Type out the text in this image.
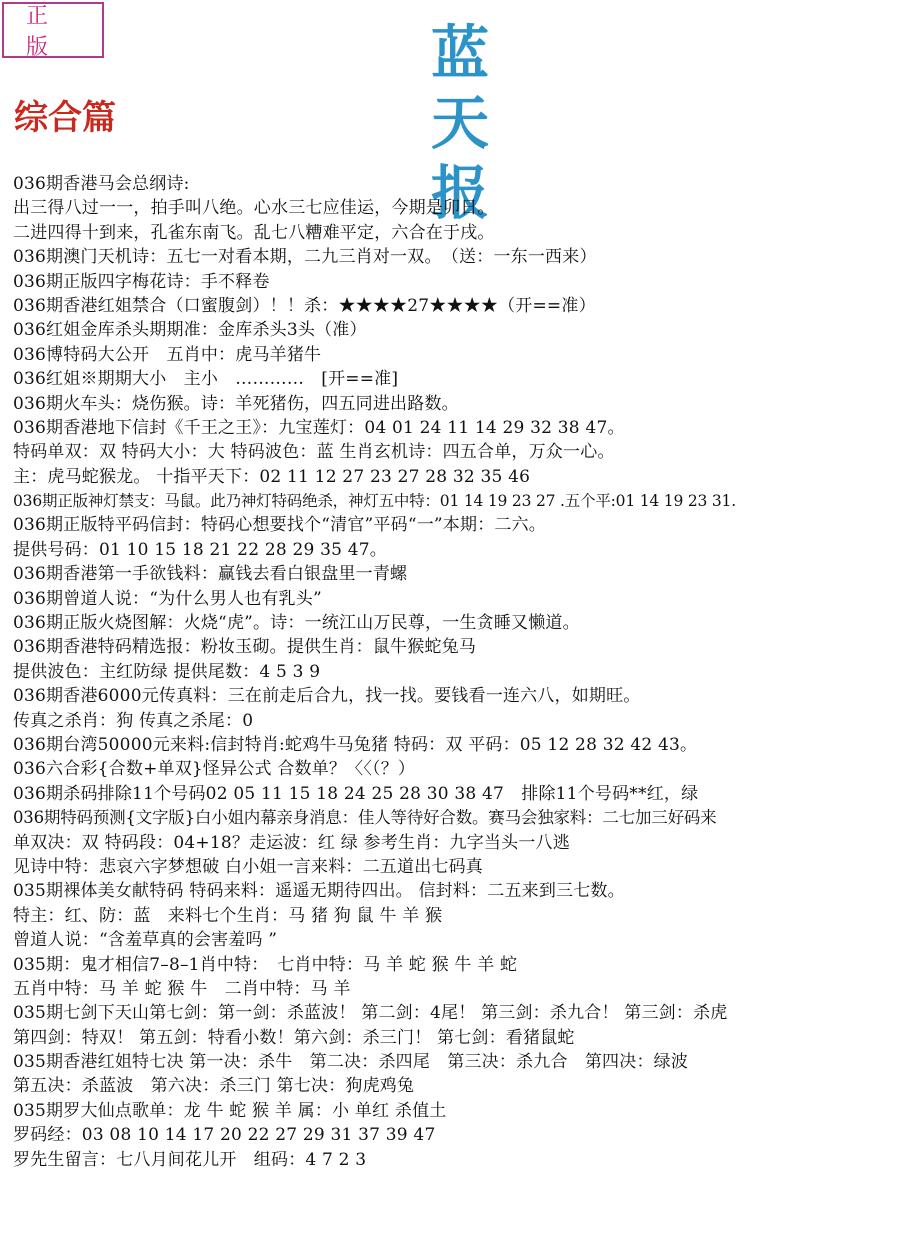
正 版	蓝 天 报
综合篇
036期香港马会总纲诗:
出三得八过一一，拍手叫八绝。心水三七应佳运，今期是卯日。
二进四得十到来，孔雀东南飞。乱七八糟难平定，六合在于戌。
036期澳门天机诗：五七一对看本期，二九三肖对一双。　（送：一东一西来）
036期正版四字梅花诗：手不释卷
036期香港红姐禁合（口蜜腹剑）！！杀：★★★★27★★★★（开==准）
036红姐金库杀头期期准：金库杀头3头（准）
036博特码大公开　五肖中：虎马羊猪牛
036红姐※期期大小　主小　…………　[开==准]
036期火车头：烧伤猴。诗：羊死猪伤，四五同进出路数。
036期香港地下信封《千王之王》：九宝莲灯：04 01 24 11 14 29 32 38 47。
特码单双：双 特码大小：大 特码波色：蓝 生肖玄机诗：四五合单，万众一心。
主：虎马蛇猴龙。 十指平天下：02 11 12 27 23 27 28 32 35 46
036期正版神灯禁支：马鼠。此乃神灯特码绝杀，神灯五中特：01 14 19 23 27 .五个平:01 14 19 23 31.
036期正版特平码信封：特码心想要找个“清官”平码“一”本期：二六。
提供号码：01 10 15 18 21 22 28 29 35 47。
036期香港第一手欲钱料：赢钱去看白银盘里一青螺
036期曾道人说：“为什么男人也有乳头”
036期正版火烧图解：火烧“虎”。诗：一统江山万民尊，一生贪睡又懒道。
036期香港特码精选报：粉妆玉砌。提供生肖：鼠牛猴蛇兔马
提供波色：主红防绿 提供尾数：4 5 3 9
036期香港6000元传真料：三在前走后合九，找一找。要钱看一连六八，如期旺。
传真之杀肖：狗 传真之杀尾：0
036期台湾50000元来料:信封特肖:蛇鸡牛马兔猪 特码：双 平码：05 12 28 32 42 43。
036六合彩{合数+单双}怪异公式 合数单？〈〈（？）
036期杀码排除11个号码02 05 11 15 18 24 25 28 30 38 47　排除11个号码**红，绿
036期特码预测{文字版}白小姐内幕亲身消息：佳人等待好合数。赛马会独家料：二七加三好码来
单双决：双 特码段：04+18？走运波：红 绿 参考生肖：九字当头一八逃
见诗中特：悲哀六字梦想破 白小姐一言来料：二五道出七码真
035期裸体美女献特码 特码来料：遥遥无期待四出。 信封料：二五来到三七数。
特主：红、防：蓝　来料七个生肖：马 猪 狗 鼠 牛 羊 猴
曾道人说：“含羞草真的会害羞吗 ”
035期：鬼才相信7–8–1肖中特：　七肖中特：马 羊 蛇 猴 牛 羊 蛇
五肖中特：马 羊 蛇 猴 牛　二肖中特：马 羊
035期七剑下天山第七剑：第一剑：杀蓝波！ 第二剑：4尾！ 第三剑：杀九合！ 第三剑：杀虎
第四剑：特双！ 第五剑：特看小数！第六剑：杀三门！ 第七剑：看猪鼠蛇
035期香港红姐特七决 第一决：杀牛　第二决：杀四尾　第三决：杀九合　第四决：绿波
第五决：杀蓝波　第六决：杀三门 第七决：狗虎鸡兔
035期罗大仙点歌单：龙 牛 蛇 猴 羊 属：小 单红 杀值土
罗码经：03 08 10 14 17 20 22 27 29 31 37 39 47
罗先生留言：七八月间花儿开　组码：4 7 2 3
